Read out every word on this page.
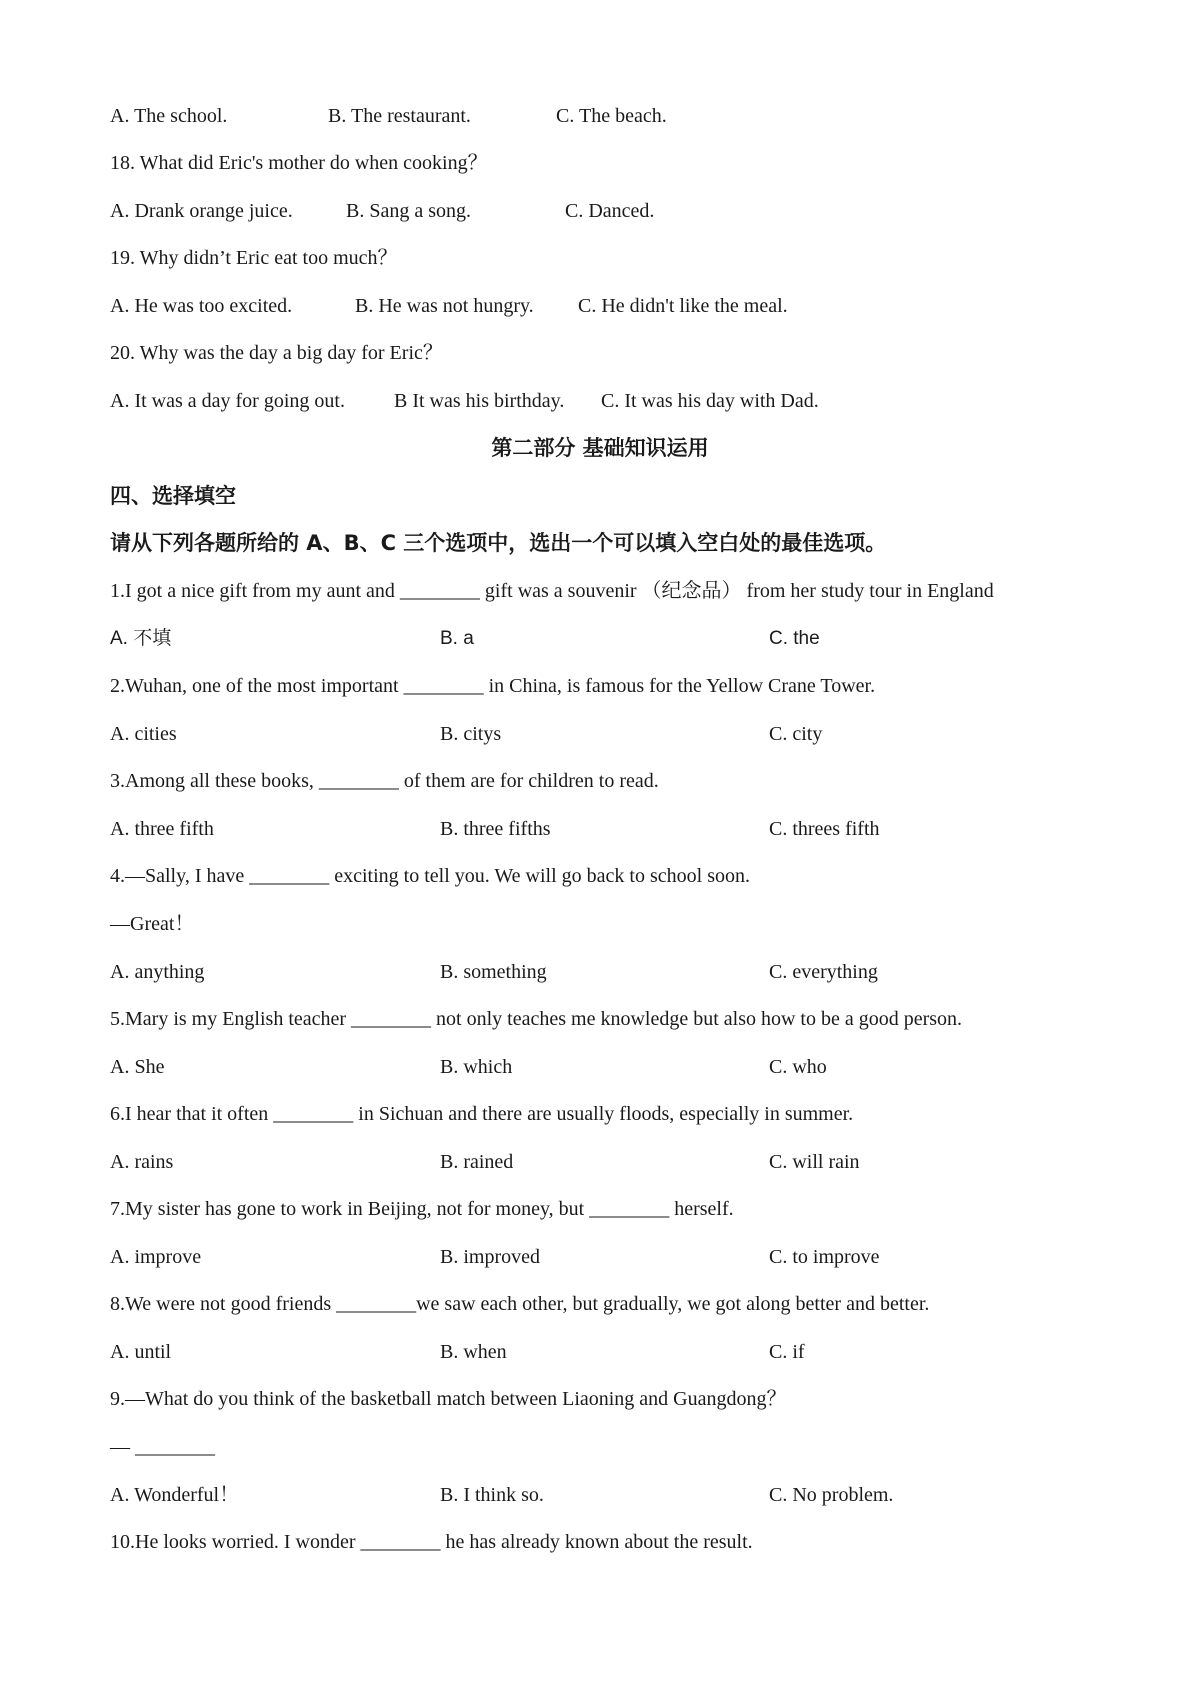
A. The school.	B. The restaurant.	C. The beach.
18. What did Eric's mother do when cooking？
A. Drank orange juice.	B. Sang a song.	C. Danced.
19. Why didn’t Eric eat too much？
A. He was too excited.	B. He was not hungry. C. He didn't like the meal.
20. Why was the day a big day for Eric？
A. It was a day for going out. B It was his birthday. C. It was his day with Dad.
第二部分 基础知识运用
四、选择填空
请从下列各题所给的 A、B、C 三个选项中，选出一个可以填入空白处的最佳选项。
1.I got a nice gift from my aunt and ________ gift was a souvenir （纪念品） from her study tour in England
A. 不填	B. a	C. the
2.Wuhan, one of the most important ________ in China, is famous for the Yellow Crane Tower.
A. cities	B. citys	C. city
3.Among all these books, ________ of them are for children to read.
A. three fifth	B. three fifths	C. threes fifth
4.—Sally, I have ________ exciting to tell you. We will go back to school soon.
—Great！
A. anything	B. something	C. everything
5.Mary is my English teacher ________ not only teaches me knowledge but also how to be a good person.
A. She	B. which	C. who
6.I hear that it often ________ in Sichuan and there are usually floods, especially in summer.
A. rains	B. rained	C. will rain
7.My sister has gone to work in Beijing, not for money, but ________ herself.
A. improve	B. improved	C. to improve
8.We were not good friends ________we saw each other, but gradually, we got along better and better.
A. until	B. when	C. if
9.—What do you think of the basketball match between Liaoning and Guangdong？
— ________
A. Wonderful！	B. I think so.	C. No problem.
10.He looks worried. I wonder ________ he has already known about the result.
